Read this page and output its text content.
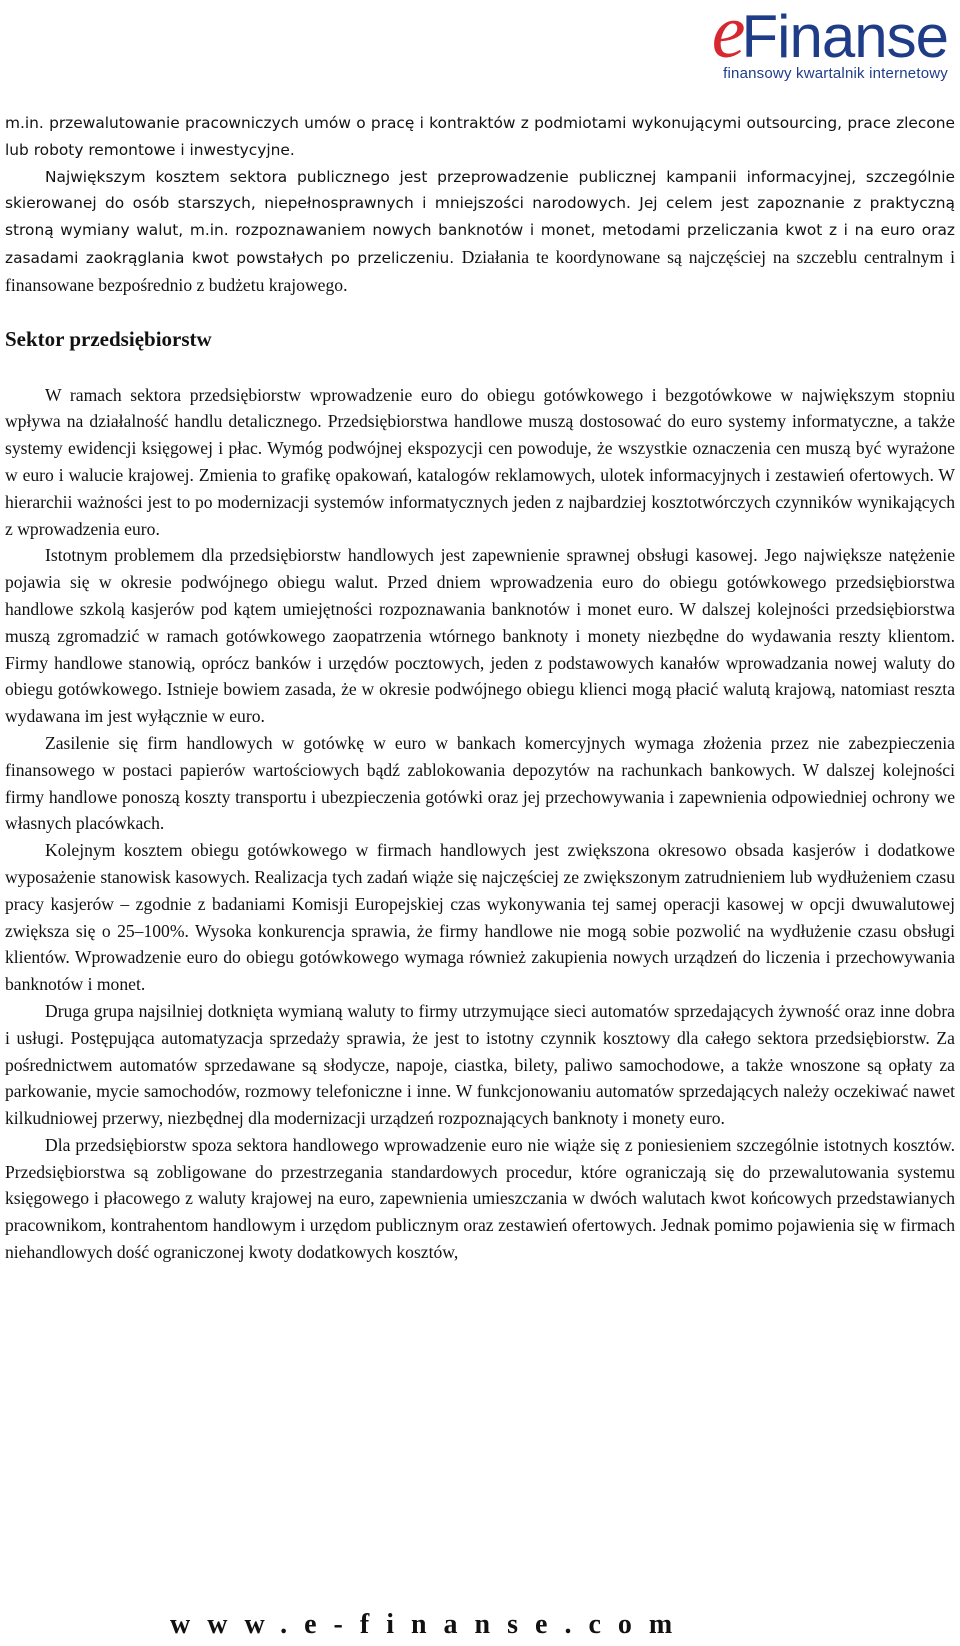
eFinanse
finansowy kwartalnik internetowy

m.in. przewalutowanie pracowniczych umów o pracę i kontraktów z podmiotami wykonującymi outsourcing, prace zlecone lub roboty remontowe i inwestycyjne.

Największym kosztem sektora publicznego jest przeprowadzenie publicznej kampanii informacyjnej, szczególnie skierowanej do osób starszych, niepełnosprawnych i mniejszości narodowych. Jej celem jest zapoznanie z praktyczną stroną wymiany walut, m.in. rozpoznawaniem nowych banknotów i monet, metodami przeliczania kwot z i na euro oraz zasadami zaokrąglania kwot powstałych po przeliczeniu. Działania te koordynowane są najczęściej na szczeblu centralnym i finansowane bezpośrednio z budżetu krajowego.

Sektor przedsiębiorstw

W ramach sektora przedsiębiorstw wprowadzenie euro do obiegu gotówkowego i bezgotówkowe w największym stopniu wpływa na działalność handlu detalicznego. Przedsiębiorstwa handlowe muszą dostosować do euro systemy informatyczne, a także systemy ewidencji księgowej i płac. Wymóg podwójnej ekspozycji cen powoduje, że wszystkie oznaczenia cen muszą być wyrażone w euro i walucie krajowej. Zmienia to grafikę opakowań, katalogów reklamowych, ulotek informacyjnych i zestawień ofertowych. W hierarchii ważności jest to po modernizacji systemów informatycznych jeden z najbardziej kosztotwórczych czynników wynikających z wprowadzenia euro.

Istotnym problemem dla przedsiębiorstw handlowych jest zapewnienie sprawnej obsługi kasowej. Jego największe natężenie pojawia się w okresie podwójnego obiegu walut. Przed dniem wprowadzenia euro do obiegu gotówkowego przedsiębiorstwa handlowe szkolą kasjerów pod kątem umiejętności rozpoznawania banknotów i monet euro. W dalszej kolejności przedsiębiorstwa muszą zgromadzić w ramach gotówkowego zaopatrzenia wtórnego banknoty i monety niezbędne do wydawania reszty klientom. Firmy handlowe stanowią, oprócz banków i urzędów pocztowych, jeden z podstawowych kanałów wprowadzania nowej waluty do obiegu gotówkowego. Istnieje bowiem zasada, że w okresie podwójnego obiegu klienci mogą płacić walutą krajową, natomiast reszta wydawana im jest wyłącznie w euro.

Zasilenie się firm handlowych w gotówkę w euro w bankach komercyjnych wymaga złożenia przez nie zabezpieczenia finansowego w postaci papierów wartościowych bądź zablokowania depozytów na rachunkach bankowych. W dalszej kolejności firmy handlowe ponoszą koszty transportu i ubezpieczenia gotówki oraz jej przechowywania i zapewnienia odpowiedniej ochrony we własnych placówkach.

Kolejnym kosztem obiegu gotówkowego w firmach handlowych jest zwiększona okresowo obsada kasjerów i dodatkowe wyposażenie stanowisk kasowych. Realizacja tych zadań wiąże się najczęściej ze zwiększonym zatrudnieniem lub wydłużeniem czasu pracy kasjerów – zgodnie z badaniami Komisji Europejskiej czas wykonywania tej samej operacji kasowej w opcji dwuwalutowej zwiększa się o 25–100%. Wysoka konkurencja sprawia, że firmy handlowe nie mogą sobie pozwolić na wydłużenie czasu obsługi klientów. Wprowadzenie euro do obiegu gotówkowego wymaga również zakupienia nowych urządzeń do liczenia i przechowywania banknotów i monet.

Druga grupa najsilniej dotknięta wymianą waluty to firmy utrzymujące sieci automatów sprzedających żywność oraz inne dobra i usługi. Postępująca automatyzacja sprzedaży sprawia, że jest to istotny czynnik kosztowy dla całego sektora przedsiębiorstw. Za pośrednictwem automatów sprzedawane są słodycze, napoje, ciastka, bilety, paliwo samochodowe, a także wnoszone są opłaty za parkowanie, mycie samochodów, rozmowy telefoniczne i inne. W funkcjonowaniu automatów sprzedających należy oczekiwać nawet kilkudniowej przerwy, niezbędnej dla modernizacji urządzeń rozpoznających banknoty i monety euro.

Dla przedsiębiorstw spoza sektora handlowego wprowadzenie euro nie wiąże się z poniesieniem szczególnie istotnych kosztów. Przedsiębiorstwa są zobligowane do przestrzegania standardowych procedur, które ograniczają się do przewalutowania systemu księgowego i płacowego z waluty krajowej na euro, zapewnienia umieszczania w dwóch walutach kwot końcowych przedstawianych pracownikom, kontrahentom handlowym i urzędom publicznym oraz zestawień ofertowych. Jednak pomimo pojawienia się w firmach niehandlowych dość ograniczonej kwoty dodatkowych kosztów,

www.e-finanse.com
